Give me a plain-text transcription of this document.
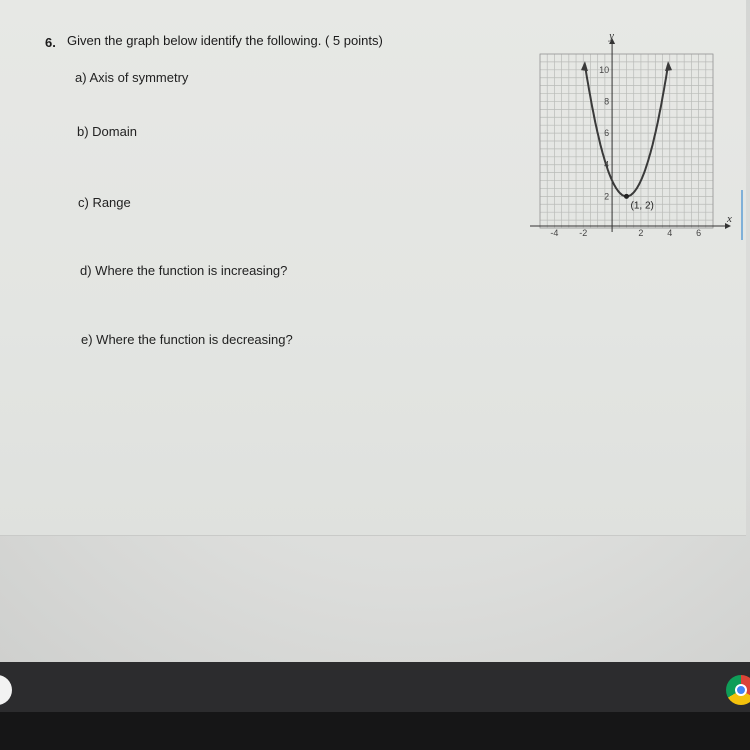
6. Given the graph below identify the following. ( 5 points)
a) Axis of symmetry
b) Domain
c) Range
d) Where the function is increasing?
e) Where the function is decreasing?
x
y
-4 -2	2	4	6
2
4
6
8
10
(1, 2)
